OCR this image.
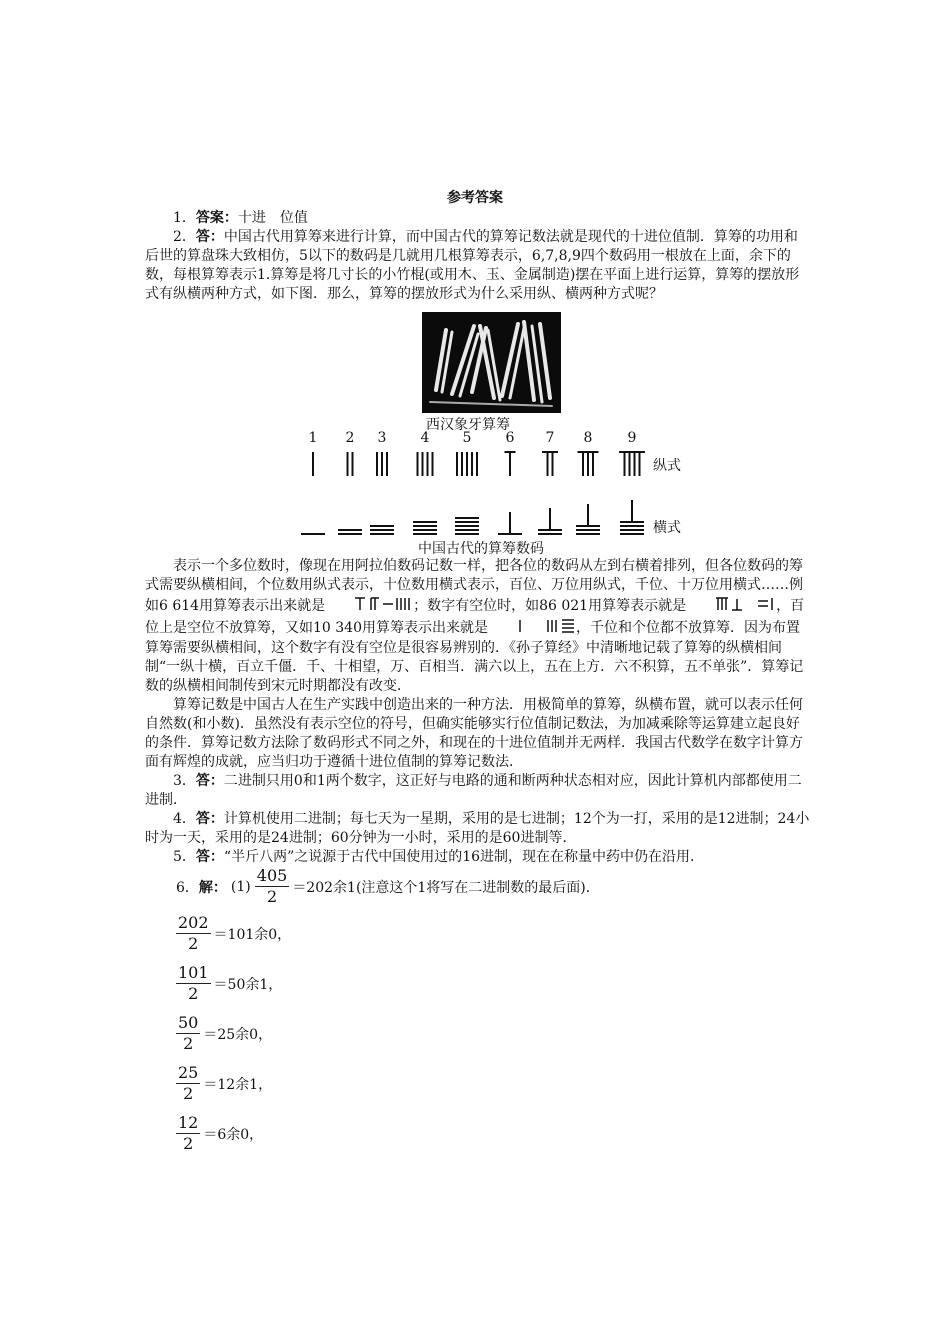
参考答案

1．答案：十进　位值

2．答：中国古代用算筹来进行计算，而中国古代的算筹记数法就是现代的十进位值制．算筹的功用和后世的算盘珠大致相仿，5以下的数码是几就用几根算筹表示，6,7,8,9四个数码用一根放在上面，余下的数，每根算筹表示1.算筹是将几寸长的小竹棍(或用木、玉、金属制造)摆在平面上进行运算，算筹的摆放形式有纵横两种方式，如下图．那么，算筹的摆放形式为什么采用纵、横两种方式呢？

西汉象牙算筹
1 2 3 4 5 6 7 8	9
纵式
横式
中国古代的算筹数码

表示一个多位数时，像现在用阿拉伯数码记数一样，把各位的数码从左到右横着排列，但各位数码的筹式需要纵横相间，个位数用纵式表示，十位数用横式表示，百位、万位用纵式，千位、十万位用横式……例如6 614用算筹表示出来就是	；数字有空位时，如86 021用算筹表示就是	，百位上是空位不放算筹，又如10 340用算筹表示出来就是	，千位和个位都不放算筹．因为布置算筹需要纵横相间，这个数字有没有空位是很容易辨别的．《孙子算经》中清晰地记载了算筹的纵横相间制“一纵十横，百立千僵．千、十相望，万、百相当．满六以上，五在上方．六不积算，五不单张”．算筹记数的纵横相间制传到宋元时期都没有改变．

算筹记数是中国古人在生产实践中创造出来的一种方法．用极简单的算筹，纵横布置，就可以表示任何自然数(和小数)．虽然没有表示空位的符号，但确实能够实行位值制记数法，为加减乘除等运算建立起良好的条件．算筹记数方法除了数码形式不同之外，和现在的十进位值制并无两样．我国古代数学在数字计算方面有辉煌的成就，应当归功于遵循十进位值制的算筹记数法．

3．答：二进制只用0和1两个数字，这正好与电路的通和断两种状态相对应，因此计算机内部都使用二进制．

4．答：计算机使用二进制；每七天为一星期，采用的是七进制；12个为一打，采用的是12进制；24小时为一天，采用的是24进制；60分钟为一小时，采用的是60进制等．

5．答：“半斤八两”之说源于古代中国使用过的16进制，现在在称量中药中仍在沿用．

6． 解： $(1) \frac{405}{2} =202$余1(注意这个1将写在二进制数的最后面)．
$\frac{202}{2} =101$余0，
$\frac{101}{2} =50$余1，
$\frac{50}{2} =25$余0，
$\frac{25}{2} =12$余1，
$\frac{12}{2} =6$余0，
